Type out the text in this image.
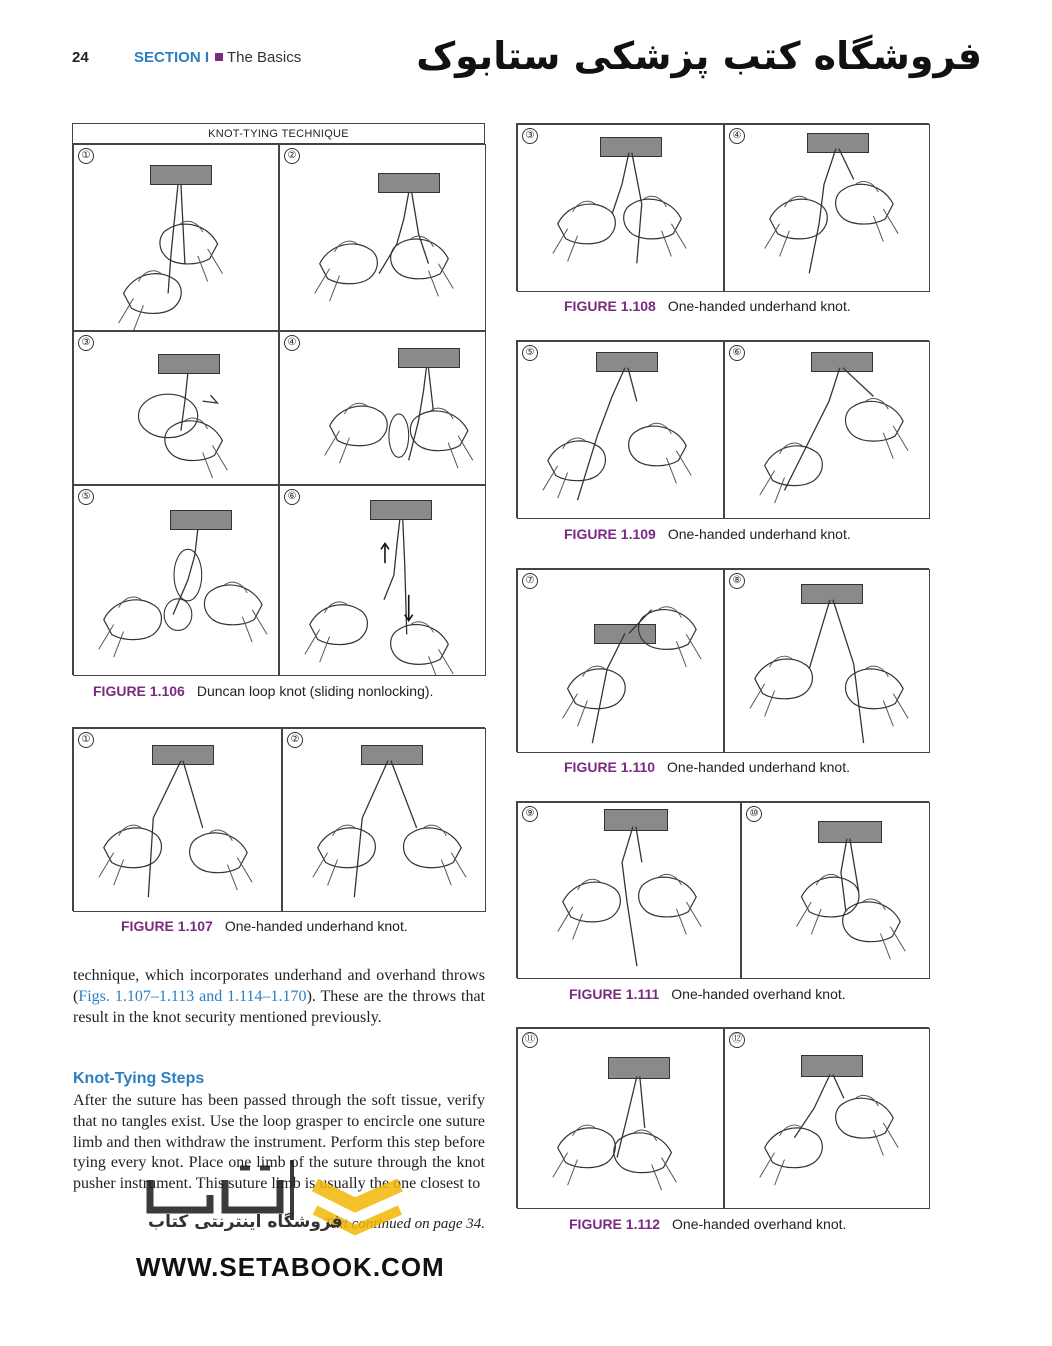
24	SECTION I The Basics	فروشگاه کتب پزشکی ستابوک
KNOT-TYING TECHNIQUE
①	②
③	④
⑤	⑥
FIGURE 1.106 Duncan loop knot (sliding nonlocking).
①	②
FIGURE 1.107 One-handed underhand knot.
③	④
FIGURE 1.108 One-handed underhand knot.
⑤	⑥
FIGURE 1.109 One-handed underhand knot.
⑦	⑧
FIGURE 1.110 One-handed underhand knot.
⑨	⑩
FIGURE 1.111 One-handed overhand knot.
⑪	⑫
FIGURE 1.112 One-handed overhand knot.
technique, which incorporates underhand and overhand throws (Figs. 1.107–1.113 and 1.114–1.170). These are the throws that result in the knot security mentioned previously.
Knot-Tying Steps
After the suture has been passed through the soft tissue, verify that no tangles exist. Use the loop grasper to encircle one suture limb and then withdraw the instrument. Perform this step before tying every knot. Place one limb of the suture through the knot pusher instrument. This suture limb is usually the one closest to
Text continued on page 34.
فروشگاه اینترنتی کتاب
WWW.SETABOOK.COM
